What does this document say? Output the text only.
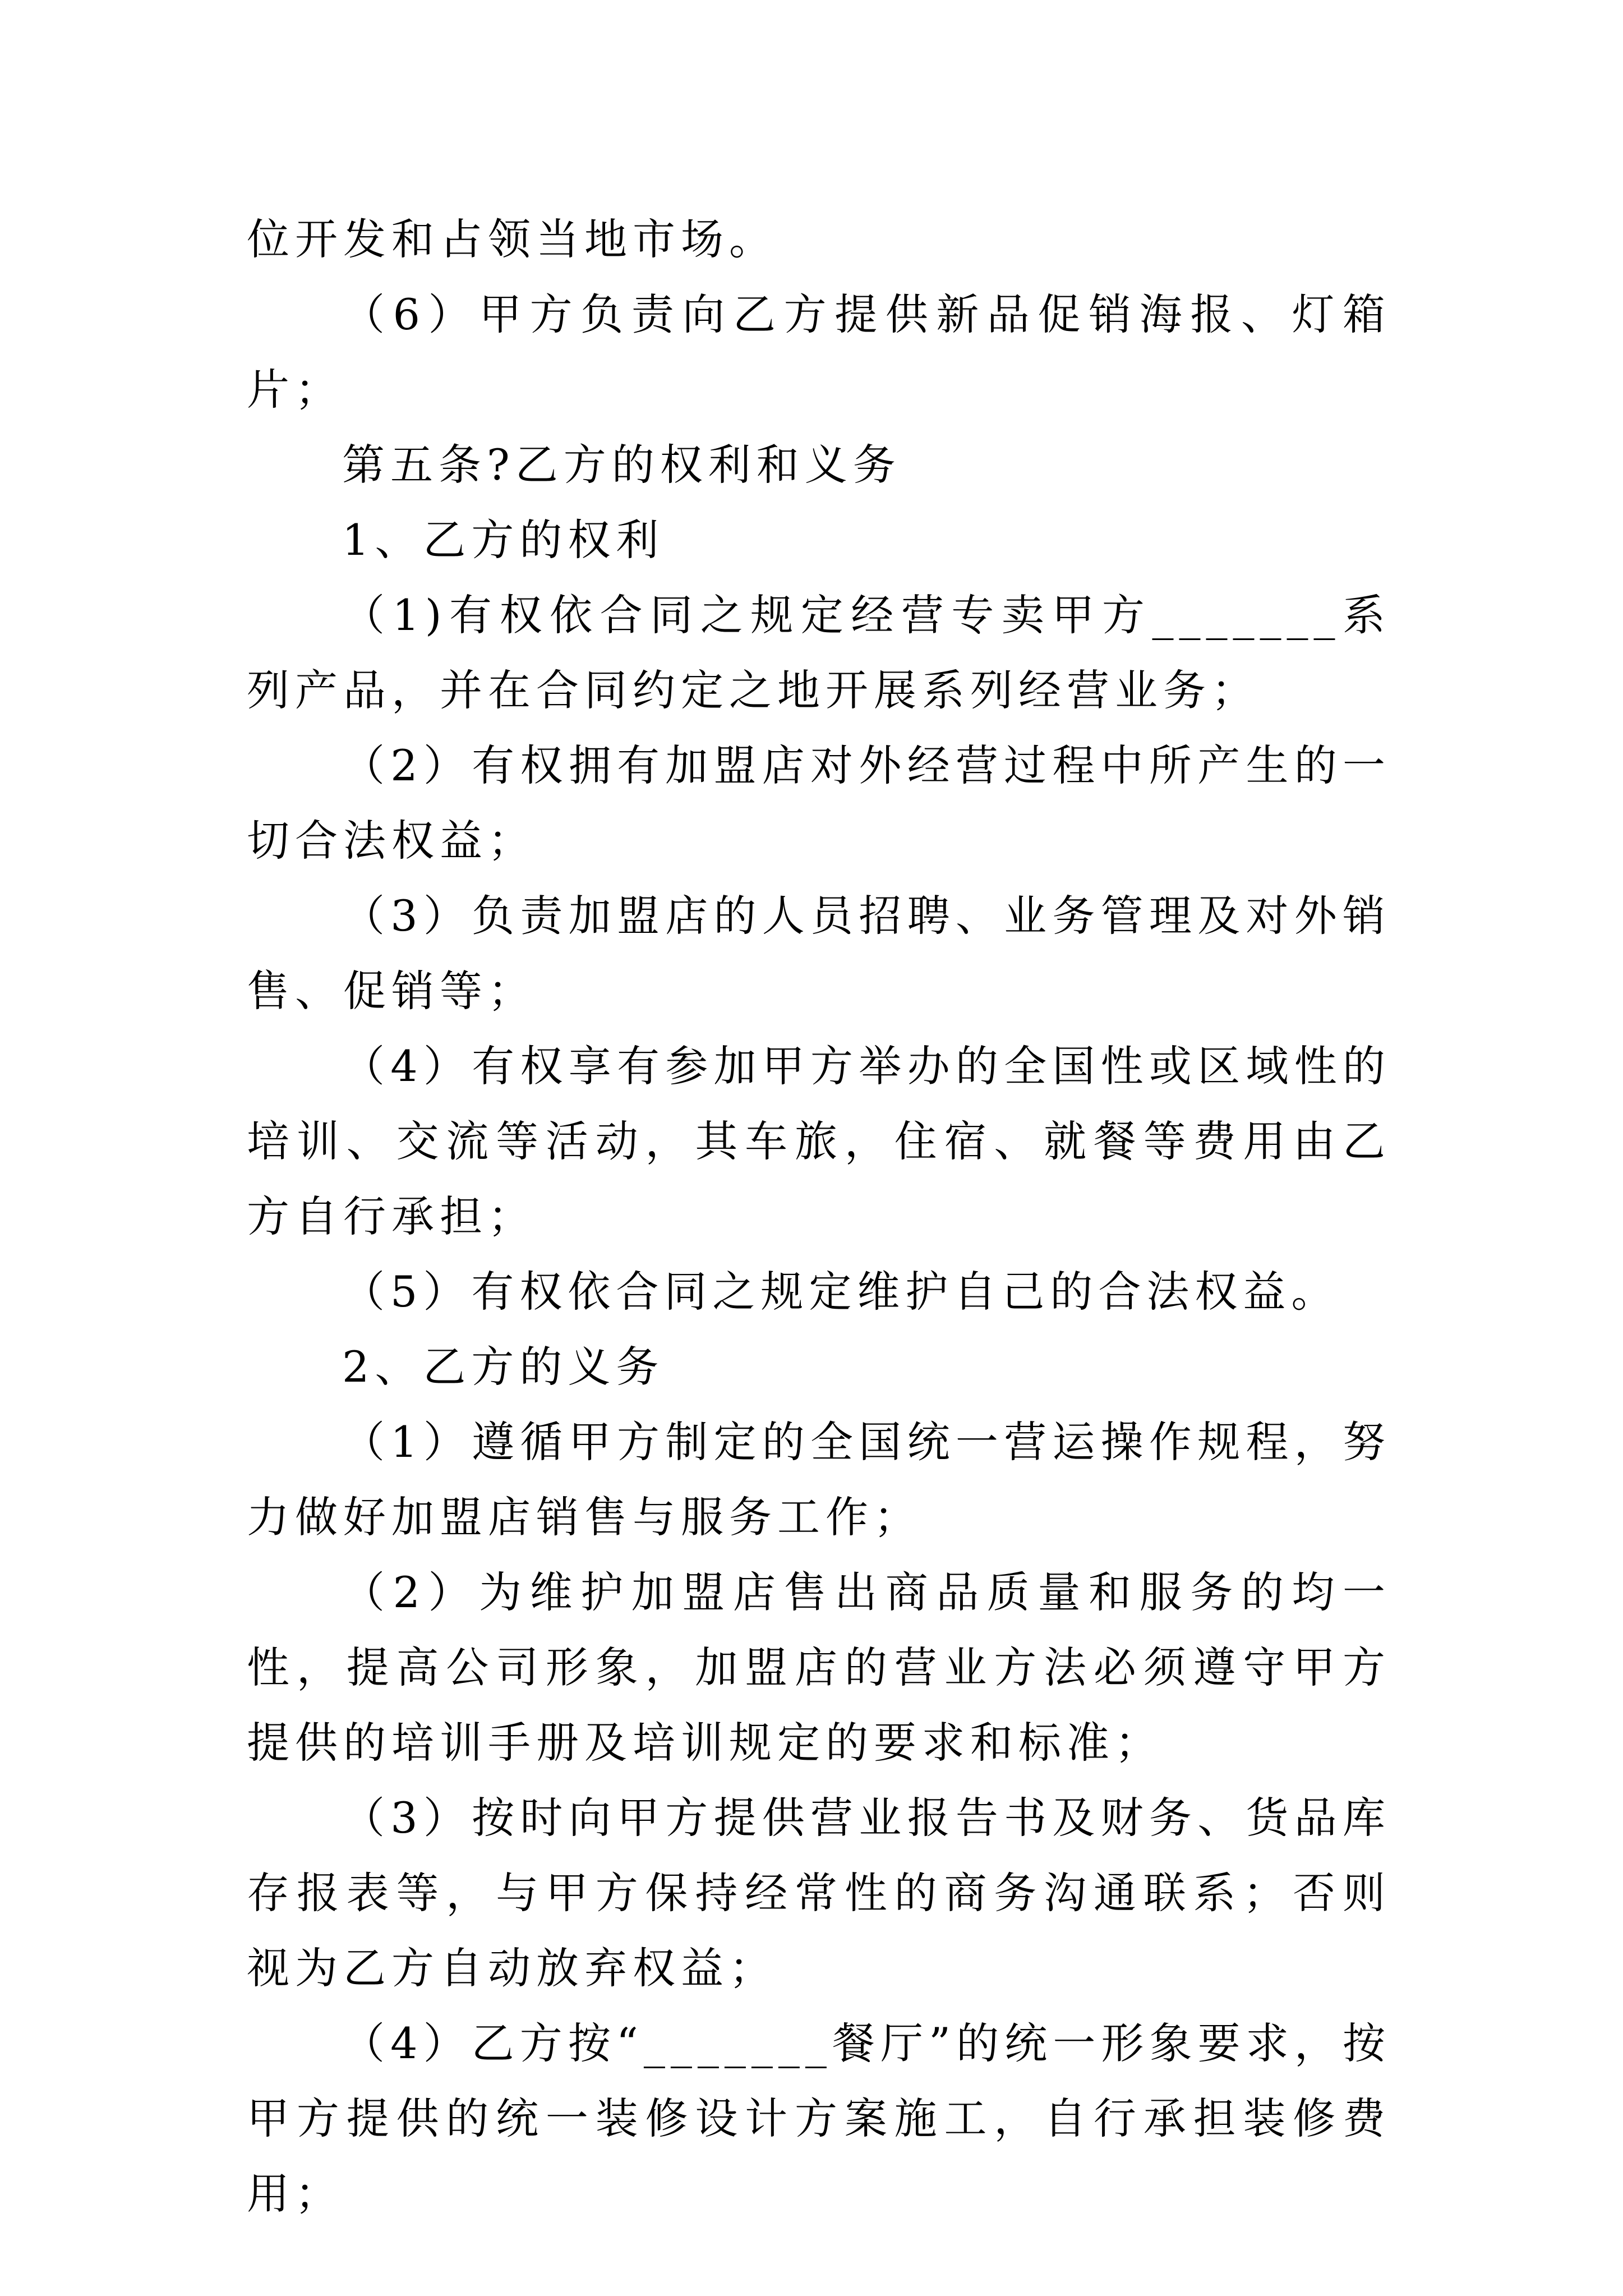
位开发和占领当地市场。

（6）甲方负责向乙方提供新品促销海报、灯箱片；

第五条?乙方的权利和义务

1、乙方的权利

（1)有权依合同之规定经营专卖甲方_______系列产品，并在合同约定之地开展系列经营业务；

（2）有权拥有加盟店对外经营过程中所产生的一切合法权益；

（3）负责加盟店的人员招聘、业务管理及对外销售、促销等；

（4）有权享有参加甲方举办的全国性或区域性的培训、交流等活动，其车旅，住宿、就餐等费用由乙方自行承担；

（5）有权依合同之规定维护自己的合法权益。

2、乙方的义务

（1）遵循甲方制定的全国统一营运操作规程，努力做好加盟店销售与服务工作；

（2）为维护加盟店售出商品质量和服务的均一性，提高公司形象，加盟店的营业方法必须遵守甲方提供的培训手册及培训规定的要求和标准；

（3）按时向甲方提供营业报告书及财务、货品库存报表等，与甲方保持经常性的商务沟通联系；否则视为乙方自动放弃权益；

（4）乙方按“_______餐厅”的统一形象要求，按甲方提供的统一装修设计方案施工，自行承担装修费用；
